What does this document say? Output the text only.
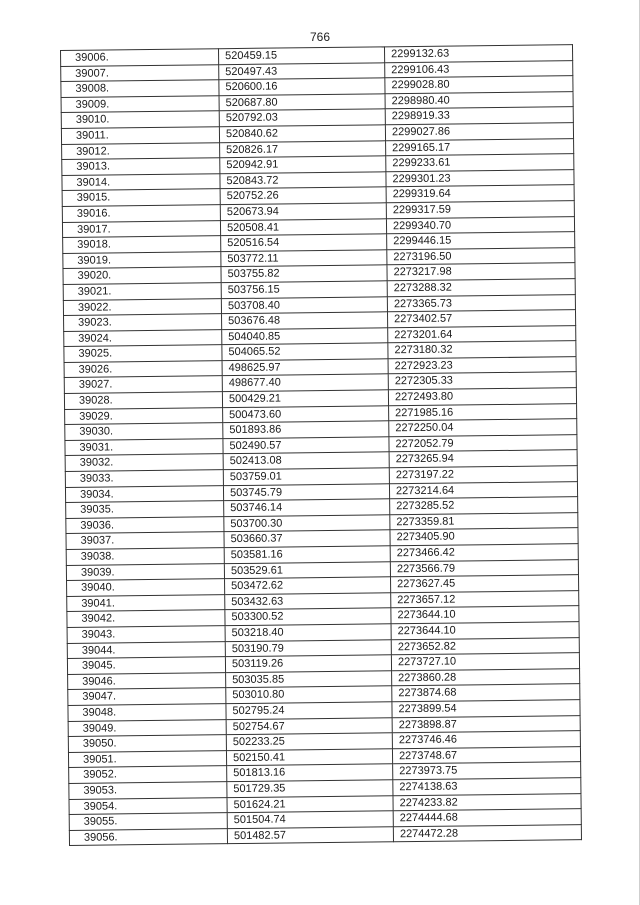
766
39006.	520459.15	2299132.63
39007.	520497.43	2299106.43
39008.	520600.16	2299028.80
39009.	520687.80	2298980.40
39010.	520792.03	2298919.33
39011.	520840.62	2299027.86
39012.	520826.17	2299165.17
39013.	520942.91	2299233.61
39014.	520843.72	2299301.23
39015.	520752.26	2299319.64
39016.	520673.94	2299317.59
39017.	520508.41	2299340.70
39018.	520516.54	2299446.15
39019.	503772.11	2273196.50
39020.	503755.82	2273217.98
39021.	503756.15	2273288.32
39022.	503708.40	2273365.73
39023.	503676.48	2273402.57
39024.	504040.85	2273201.64
39025.	504065.52	2273180.32
39026.	498625.97	2272923.23
39027.	498677.40	2272305.33
39028.	500429.21	2272493.80
39029.	500473.60	2271985.16
39030.	501893.86	2272250.04
39031.	502490.57	2272052.79
39032.	502413.08	2273265.94
39033.	503759.01	2273197.22
39034.	503745.79	2273214.64
39035.	503746.14	2273285.52
39036.	503700.30	2273359.81
39037.	503660.37	2273405.90
39038.	503581.16	2273466.42
39039.	503529.61	2273566.79
39040.	503472.62	2273627.45
39041.	503432.63	2273657.12
39042.	503300.52	2273644.10
39043.	503218.40	2273644.10
39044.	503190.79	2273652.82
39045.	503119.26	2273727.10
39046.	503035.85	2273860.28
39047.	503010.80	2273874.68
39048.	502795.24	2273899.54
39049.	502754.67	2273898.87
39050.	502233.25	2273746.46
39051.	502150.41	2273748.67
39052.	501813.16	2273973.75
39053.	501729.35	2274138.63
39054.	501624.21	2274233.82
39055.	501504.74	2274444.68
39056.	501482.57	2274472.28
